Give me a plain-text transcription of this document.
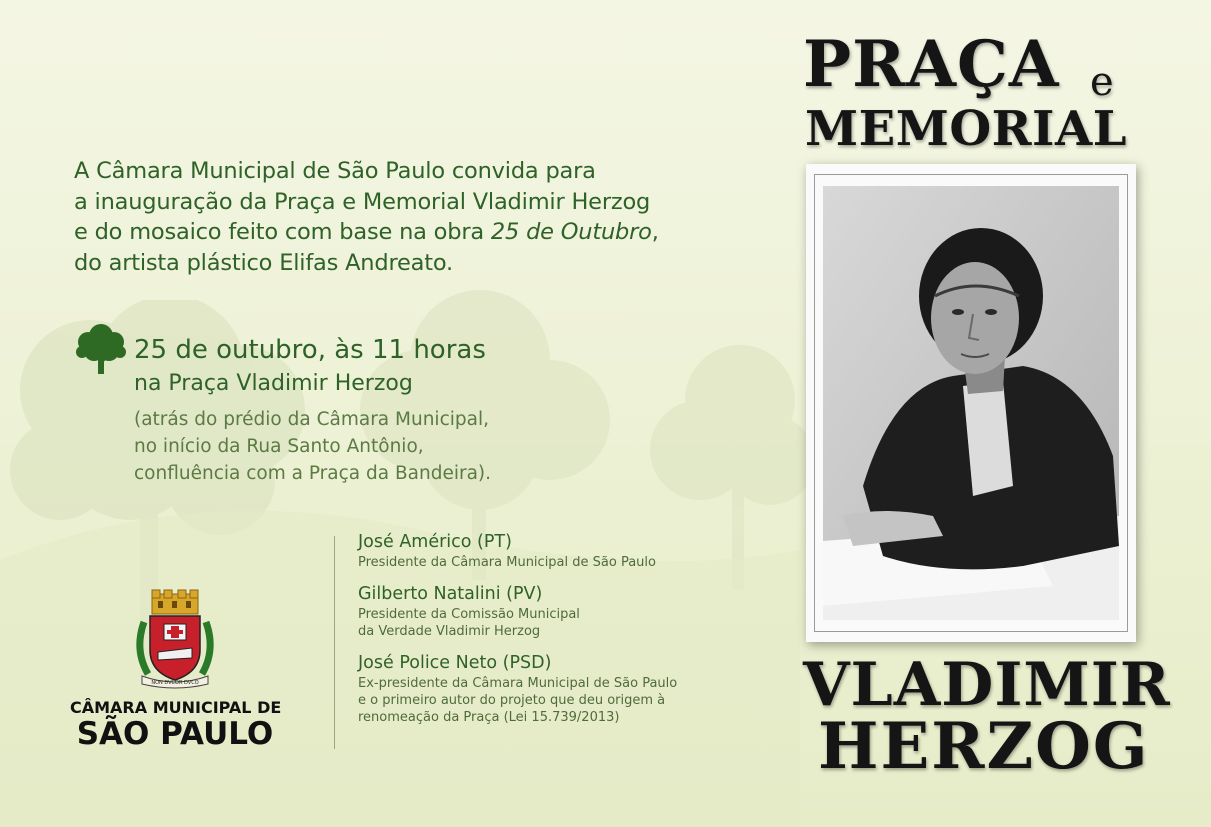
A Câmara Municipal de São Paulo convida para
a inauguração da Praça e Memorial Vladimir Herzog
e do mosaico feito com base na obra 25 de Outubro,
do artista plástico Elifas Andreato.
25 de outubro, às 11 horas
na Praça Vladimir Herzog
(atrás do prédio da Câmara Municipal,
no início da Rua Santo Antônio,
confluência com a Praça da Bandeira).
José Américo (PT)
Presidente da Câmara Municipal de São Paulo
Gilberto Natalini (PV)
Presidente da Comissão Municipal
da Verdade Vladimir Herzog
José Police Neto (PSD)
Ex-presidente da Câmara Municipal de São Paulo
e o primeiro autor do projeto que deu origem à
renomeação da Praça (Lei 15.739/2013)
NON DVCOR DVCO
CÂMARA MUNICIPAL DE
SÃO PAULO
PRAÇA e
MEMORIAL
VLADIMIR
HERZOG
